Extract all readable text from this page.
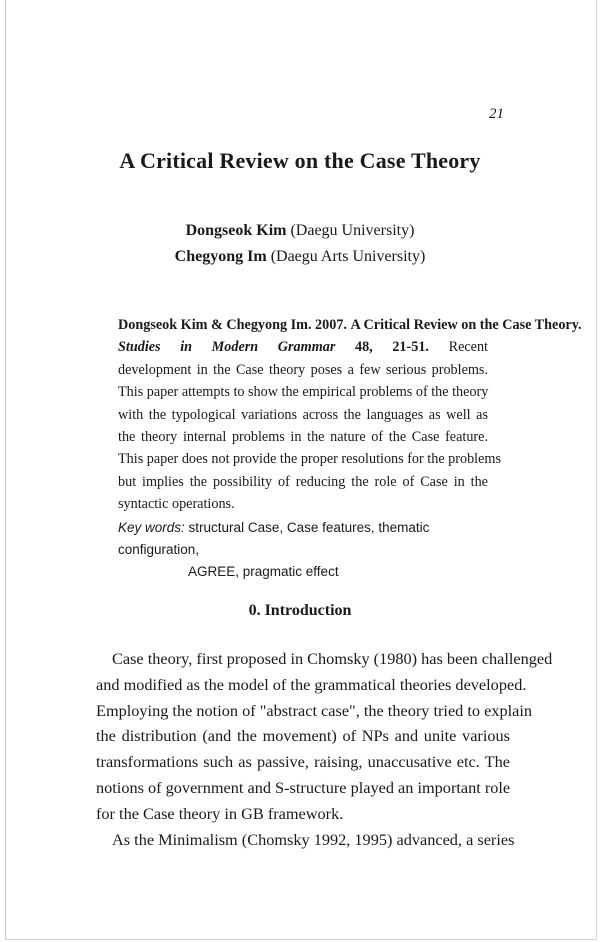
21
A Critical Review on the Case Theory
Dongseok Kim (Daegu University)
Chegyong Im (Daegu Arts University)
Dongseok Kim & Chegyong Im. 2007. A Critical Review on the Case Theory.
Studies in Modern Grammar 48, 21-51. Recent
development in the Case theory poses a few serious problems.
This paper attempts to show the empirical problems of the theory
with the typological variations across the languages as well as
the theory internal problems in the nature of the Case feature.
This paper does not provide the proper resolutions for the problems
but implies the possibility of reducing the role of Case in the
syntactic operations.
Key words: structural Case, Case features, thematic configuration,
AGREE, pragmatic effect
0. Introduction
Case theory, first proposed in Chomsky (1980) has been challenged
and modified as the model of the grammatical theories developed.
Employing the notion of "abstract case", the theory tried to explain
the distribution (and the movement) of NPs and unite various
transformations such as passive, raising, unaccusative etc. The
notions of government and S-structure played an important role
for the Case theory in GB framework.
As the Minimalism (Chomsky 1992, 1995) advanced, a series
